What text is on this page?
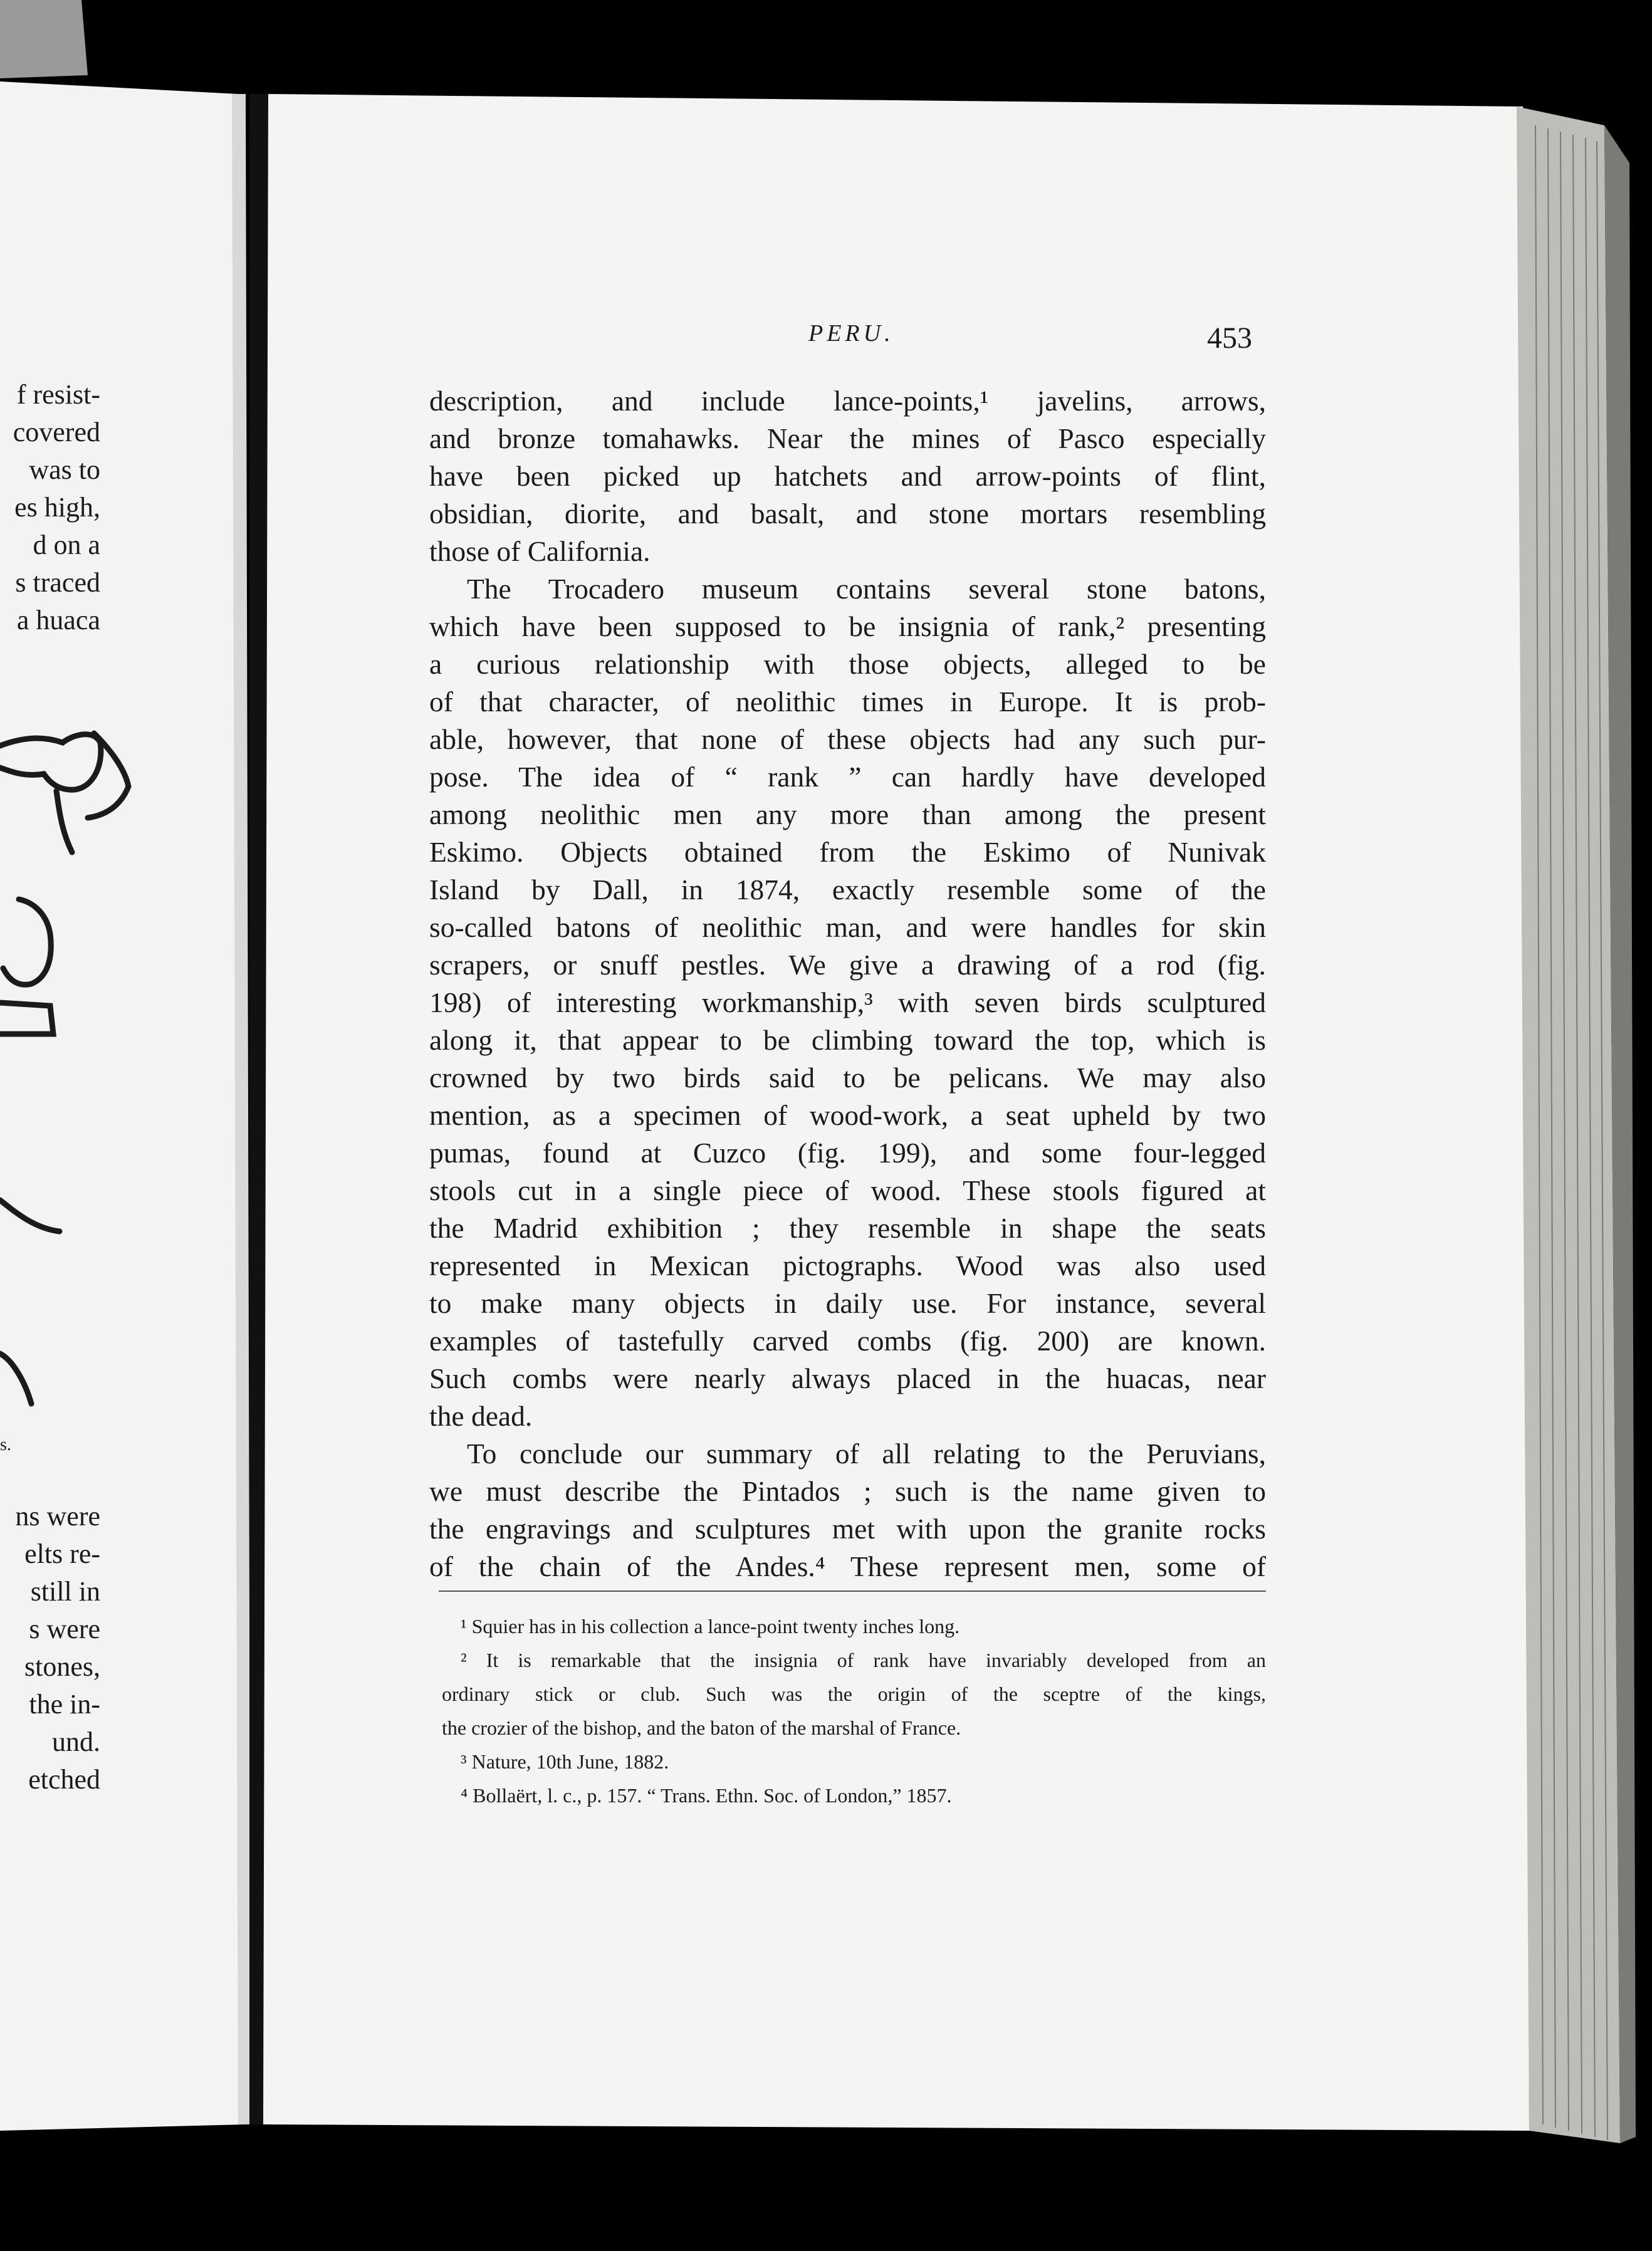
f resist-
covered
was to
es high,
d on a
s traced
a huaca
s.
ns were
elts re-
still in
s were
stones,
the in-
und.
etched
PERU.	453

description, and include lance-points,¹ javelins, arrows,
and bronze tomahawks. Near the mines of Pasco especially
have been picked up hatchets and arrow-points of flint,
obsidian, diorite, and basalt, and stone mortars resembling
those of California.

The Trocadero museum contains several stone batons,
which have been supposed to be insignia of rank,² presenting
a curious relationship with those objects, alleged to be
of that character, of neolithic times in Europe. It is prob-
able, however, that none of these objects had any such pur-
pose. The idea of “ rank ” can hardly have developed
among neolithic men any more than among the present
Eskimo. Objects obtained from the Eskimo of Nunivak
Island by Dall, in 1874, exactly resemble some of the
so-called batons of neolithic man, and were handles for skin
scrapers, or snuff pestles. We give a drawing of a rod (fig.
198) of interesting workmanship,³ with seven birds sculptured
along it, that appear to be climbing toward the top, which is
crowned by two birds said to be pelicans. We may also
mention, as a specimen of wood-work, a seat upheld by two
pumas, found at Cuzco (fig. 199), and some four-legged
stools cut in a single piece of wood. These stools figured at
the Madrid exhibition ; they resemble in shape the seats
represented in Mexican pictographs. Wood was also used
to make many objects in daily use. For instance, several
examples of tastefully carved combs (fig. 200) are known.
Such combs were nearly always placed in the huacas, near
the dead.

To conclude our summary of all relating to the Peruvians,
we must describe the Pintados ; such is the name given to
the engravings and sculptures met with upon the granite rocks
of the chain of the Andes.⁴ These represent men, some of

¹ Squier has in his collection a lance-point twenty inches long.

² It is remarkable that the insignia of rank have invariably developed from an
ordinary stick or club. Such was the origin of the sceptre of the kings,
the crozier of the bishop, and the baton of the marshal of France.

³ Nature, 10th June, 1882.

⁴ Bollaërt, l. c., p. 157. “ Trans. Ethn. Soc. of London,” 1857.
